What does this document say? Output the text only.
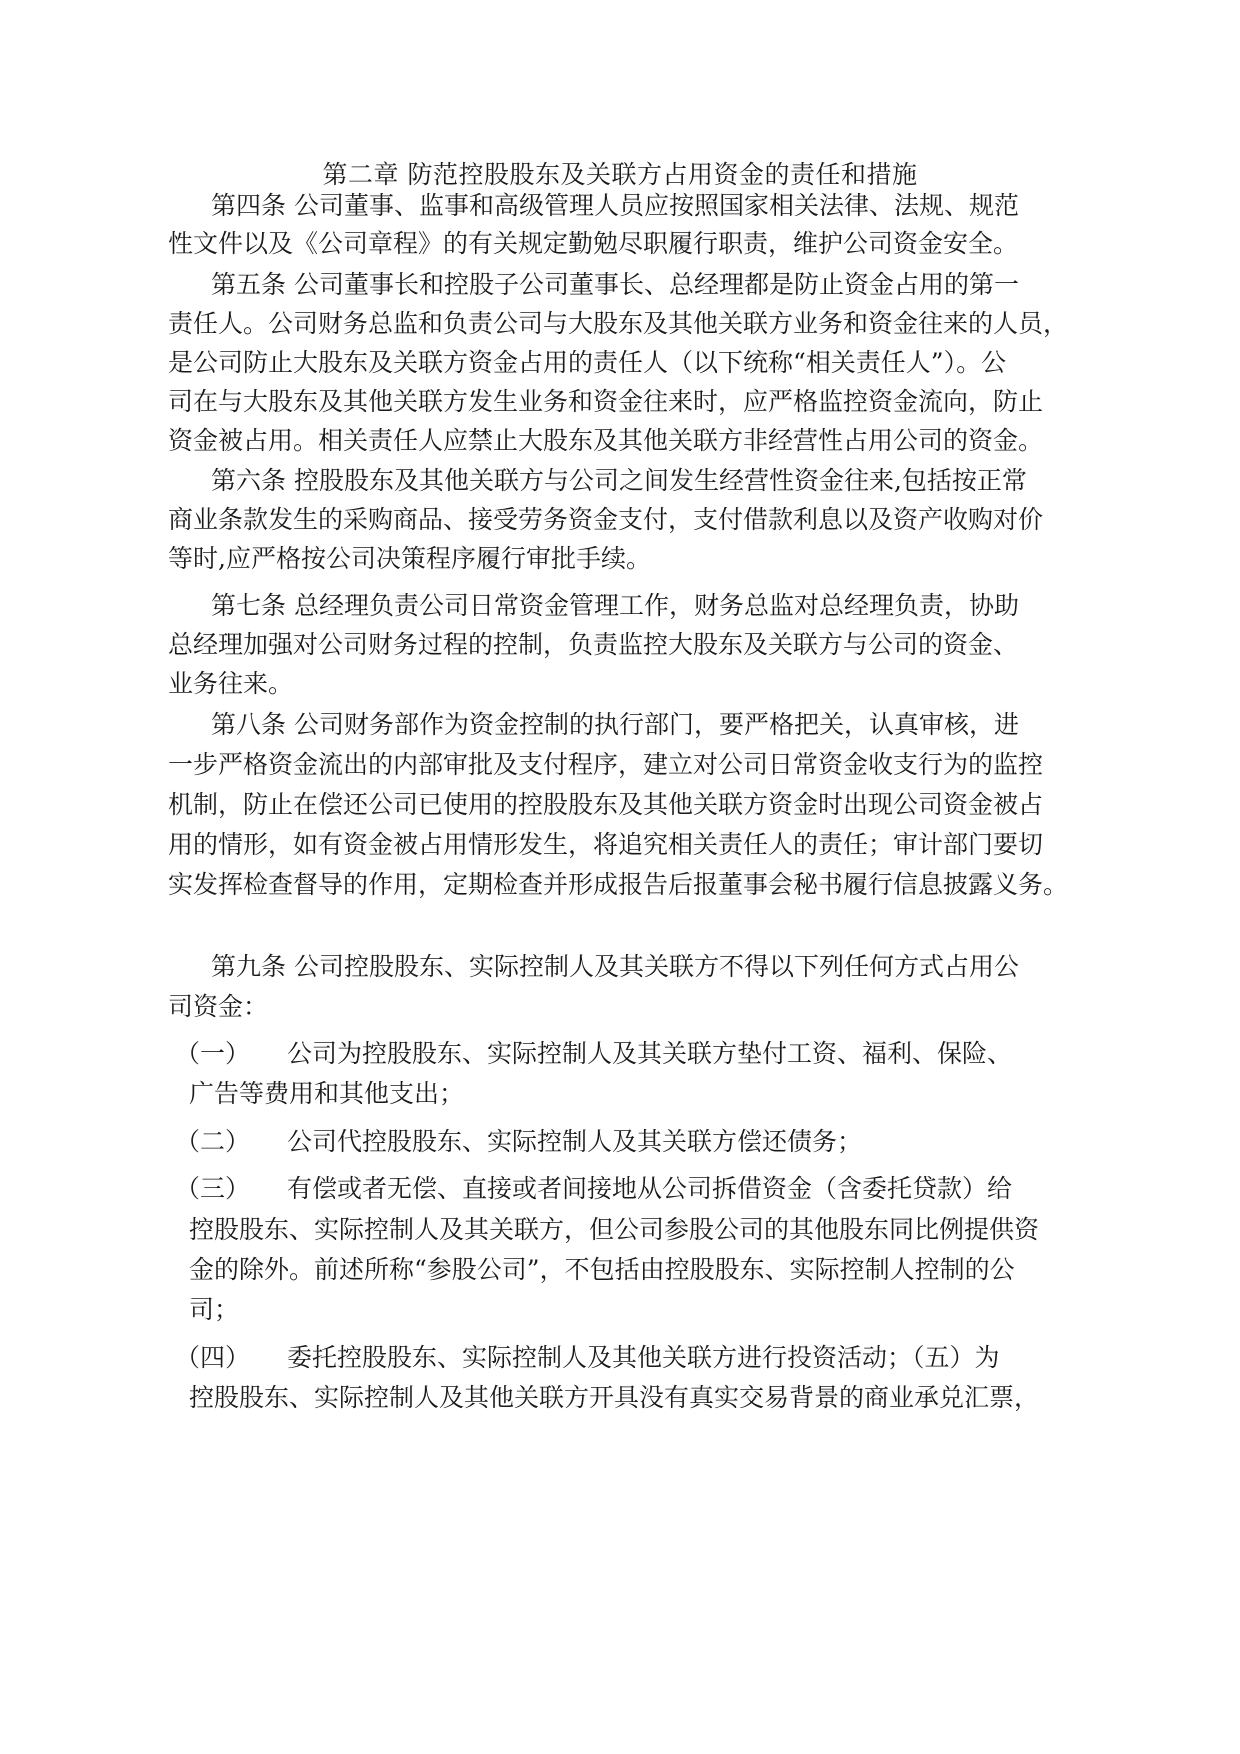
第二章 防范控股股东及关联方占用资金的责任和措施
第四条 公司董事、监事和高级管理人员应按照国家相关法律、法规、规范
性文件以及《公司章程》的有关规定勤勉尽职履行职责，维护公司资金安全。
第五条 公司董事长和控股子公司董事长、总经理都是防止资金占用的第一
责任人。公司财务总监和负责公司与大股东及其他关联方业务和资金往来的人员，
是公司防止大股东及关联方资金占用的责任人（以下统称“相关责任人”）。公
司在与大股东及其他关联方发生业务和资金往来时，应严格监控资金流向，防止
资金被占用。相关责任人应禁止大股东及其他关联方非经营性占用公司的资金。
第六条 控股股东及其他关联方与公司之间发生经营性资金往来,包括按正常
商业条款发生的采购商品、接受劳务资金支付，支付借款利息以及资产收购对价
等时,应严格按公司决策程序履行审批手续。
第七条 总经理负责公司日常资金管理工作，财务总监对总经理负责，协助
总经理加强对公司财务过程的控制，负责监控大股东及关联方与公司的资金、
业务往来。
第八条 公司财务部作为资金控制的执行部门，要严格把关，认真审核，进
一步严格资金流出的内部审批及支付程序，建立对公司日常资金收支行为的监控
机制，防止在偿还公司已使用的控股股东及其他关联方资金时出现公司资金被占
用的情形，如有资金被占用情形发生，将追究相关责任人的责任；审计部门要切
实发挥检查督导的作用，定期检查并形成报告后报董事会秘书履行信息披露义务。
第九条 公司控股股东、实际控制人及其关联方不得以下列任何方式占用公
司资金：
（一） 公司为控股股东、实际控制人及其关联方垫付工资、福利、保险、
广告等费用和其他支出；
（二） 公司代控股股东、实际控制人及其关联方偿还债务；
（三） 有偿或者无偿、直接或者间接地从公司拆借资金（含委托贷款）给
控股股东、实际控制人及其关联方，但公司参股公司的其他股东同比例提供资
金的除外。前述所称“参股公司”，不包括由控股股东、实际控制人控制的公
司；
（四） 委托控股股东、实际控制人及其他关联方进行投资活动；（五）为
控股股东、实际控制人及其他关联方开具没有真实交易背景的商业承兑汇票，
